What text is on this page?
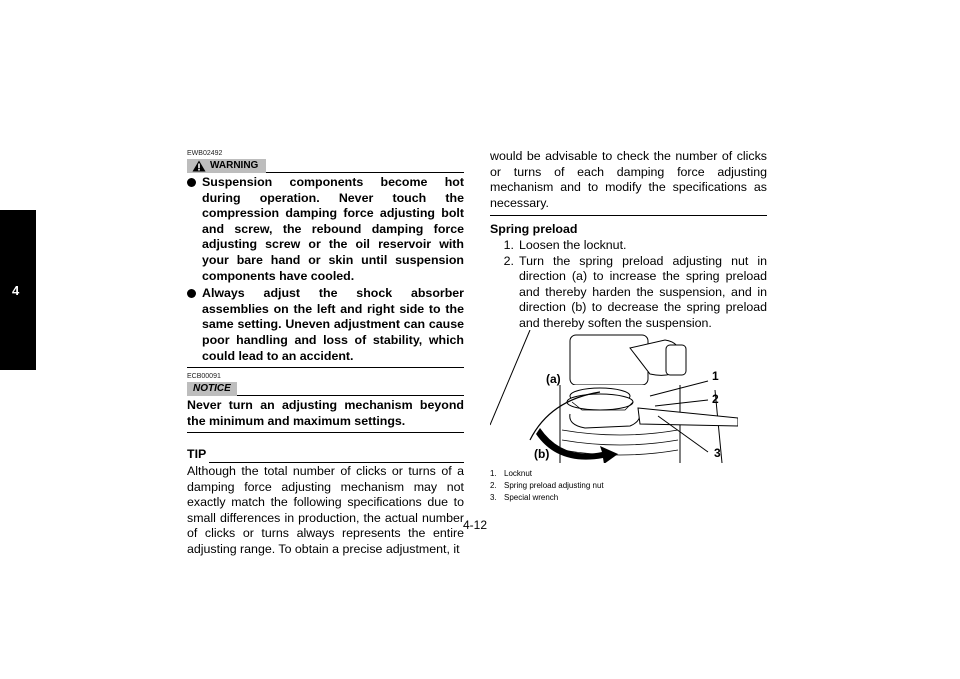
4
EWB02492
WARNING

Suspension components become hot during operation. Never touch the compression damping force adjusting bolt and screw, the rebound damping force adjusting screw or the oil reservoir with your bare hand or skin until suspension components have cooled.

Always adjust the shock absorber assemblies on the left and right side to the same setting. Uneven adjustment can cause poor handling and loss of stability, which could lead to an accident.

ECB00091
NOTICE

Never turn an adjusting mechanism beyond the minimum and maximum settings.

TIP

Although the total number of clicks or turns of a damping force adjusting mechanism may not exactly match the following specifications due to small differences in production, the actual number of clicks or turns always represents the entire adjusting range. To obtain a precise adjustment, it

would be advisable to check the number of clicks or turns of each damping force adjusting mechanism and to modify the specifications as necessary.

Spring preload
1. Loosen the locknut.
2. Turn the spring preload adjusting nut in direction (a) to increase the spring preload and thereby harden the suspension, and in direction (b) to decrease the spring preload and thereby soften the suspension.
(a)
(b)
1
2
3
1. Locknut
2. Spring preload adjusting nut
3. Special wrench
4-12
